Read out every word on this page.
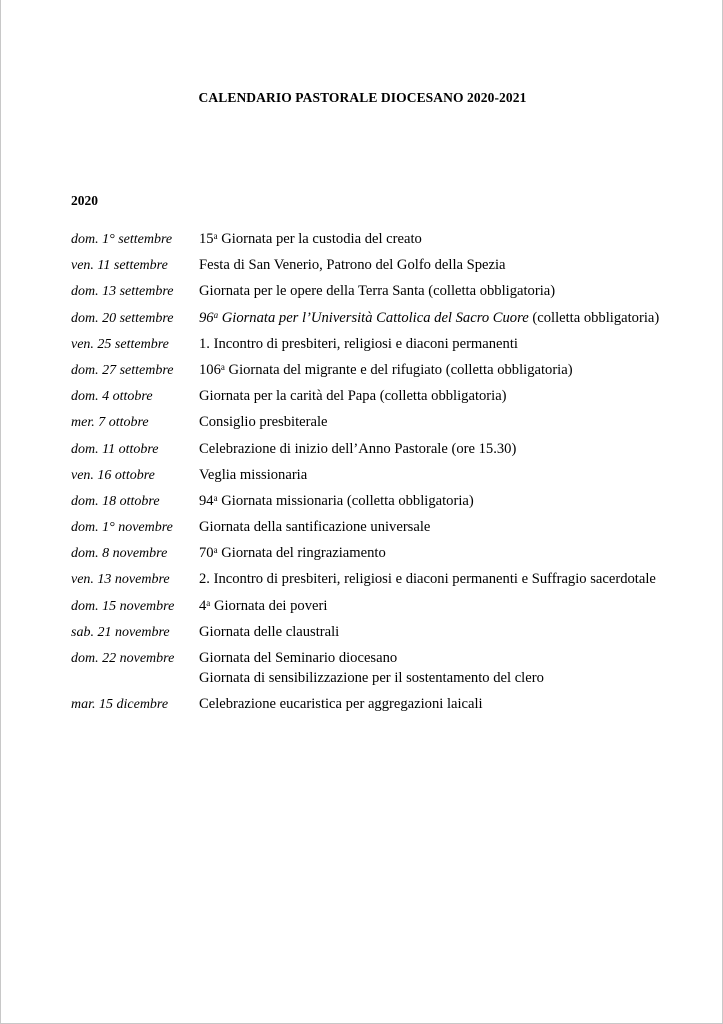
CALENDARIO PASTORALE DIOCESANO 2020-2021
2020
dom. 1° settembre	15$^a$ Giornata per la custodia del creato
ven. 11 settembre	Festa di San Venerio, Patrono del Golfo della Spezia
dom. 13 settembre	Giornata per le opere della Terra Santa (colletta obbligatoria)
dom. 20 settembre	96$^a$ Giornata per l’Università Cattolica del Sacro Cuore (colletta obbligatoria)
ven. 25 settembre	1. Incontro di presbiteri, religiosi e diaconi permanenti
dom. 27 settembre	106$^a$ Giornata del migrante e del rifugiato (colletta obbligatoria)
dom. 4 ottobre	Giornata per la carità del Papa (colletta obbligatoria)
mer. 7 ottobre	Consiglio presbiterale
dom. 11 ottobre	Celebrazione di inizio dell’Anno Pastorale (ore 15.30)
ven. 16 ottobre	Veglia missionaria
dom. 18 ottobre	94$^a$ Giornata missionaria (colletta obbligatoria)
dom. 1° novembre	Giornata della santificazione universale
dom. 8 novembre	70$^a$ Giornata del ringraziamento
ven. 13 novembre	2. Incontro di presbiteri, religiosi e diaconi permanenti e Suffragio sacerdotale
dom. 15 novembre	4$^a$ Giornata dei poveri
sab. 21 novembre	Giornata delle claustrali
dom. 22 novembre	Giornata del Seminario diocesano
Giornata di sensibilizzazione per il sostentamento del clero
mar. 15 dicembre	Celebrazione eucaristica per aggregazioni laicali
